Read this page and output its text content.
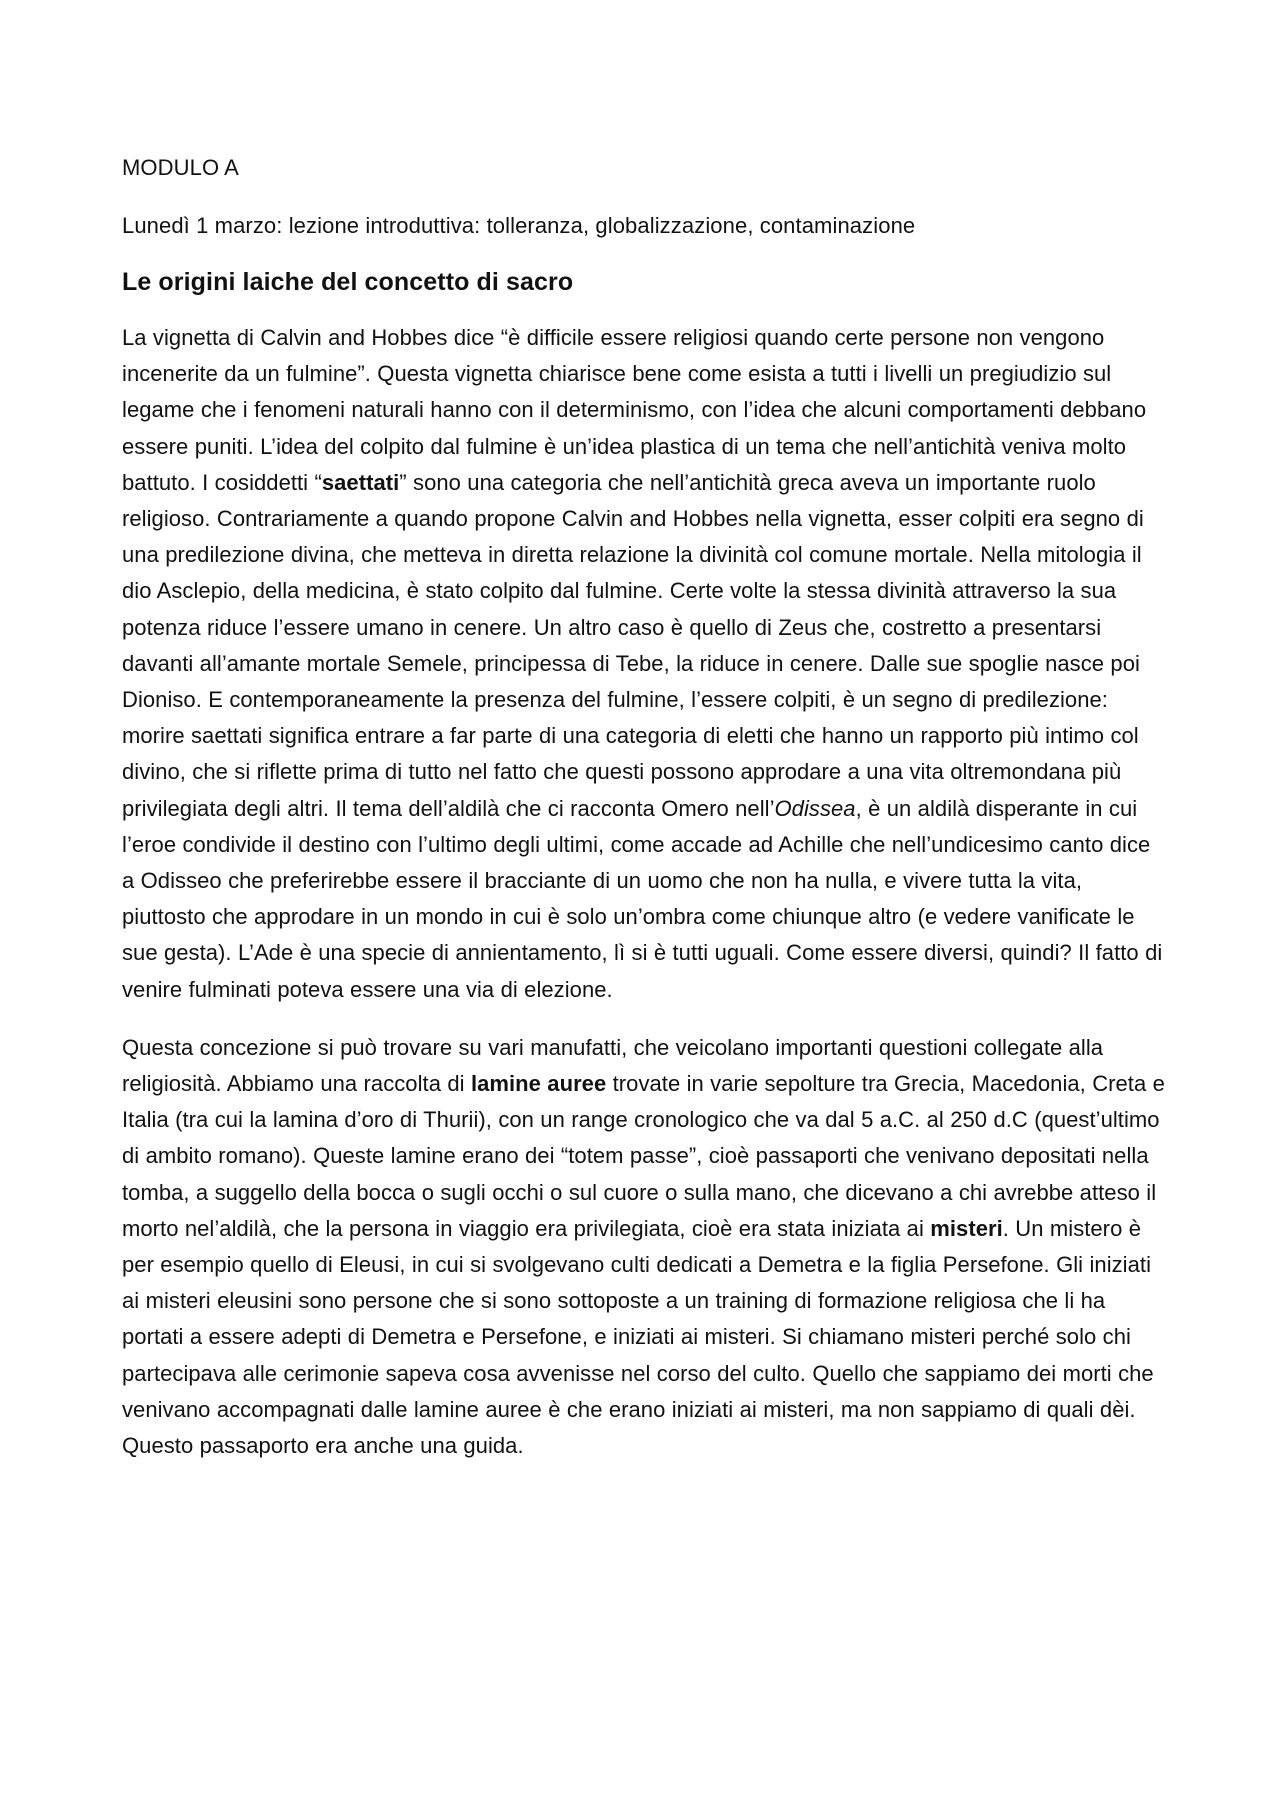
MODULO A

Lunedì 1 marzo: lezione introduttiva: tolleranza, globalizzazione, contaminazione

Le origini laiche del concetto di sacro

La vignetta di Calvin and Hobbes dice “è difficile essere religiosi quando certe persone non vengono incenerite da un fulmine”. Questa vignetta chiarisce bene come esista a tutti i livelli un pregiudizio sul legame che i fenomeni naturali hanno con il determinismo, con l’idea che alcuni comportamenti debbano essere puniti. L’idea del colpito dal fulmine è un’idea plastica di un tema che nell’antichità veniva molto battuto. I cosiddetti “saettati” sono una categoria che nell’antichità greca aveva un importante ruolo religioso. Contrariamente a quando propone Calvin and Hobbes nella vignetta, esser colpiti era segno di una predilezione divina, che metteva in diretta relazione la divinità col comune mortale. Nella mitologia il dio Asclepio, della medicina, è stato colpito dal fulmine. Certe volte la stessa divinità attraverso la sua potenza riduce l’essere umano in cenere. Un altro caso è quello di Zeus che, costretto a presentarsi davanti all’amante mortale Semele, principessa di Tebe, la riduce in cenere. Dalle sue spoglie nasce poi Dioniso. E contemporaneamente la presenza del fulmine, l’essere colpiti, è un segno di predilezione: morire saettati significa entrare a far parte di una categoria di eletti che hanno un rapporto più intimo col divino, che si riflette prima di tutto nel fatto che questi possono approdare a una vita oltremondana più privilegiata degli altri. Il tema dell’aldilà che ci racconta Omero nell’Odissea, è un aldilà disperante in cui l’eroe condivide il destino con l’ultimo degli ultimi, come accade ad Achille che nell’undicesimo canto dice a Odisseo che preferirebbe essere il bracciante di un uomo che non ha nulla, e vivere tutta la vita, piuttosto che approdare in un mondo in cui è solo un’ombra come chiunque altro (e vedere vanificate le sue gesta). L’Ade è una specie di annientamento, lì si è tutti uguali. Come essere diversi, quindi? Il fatto di venire fulminati poteva essere una via di elezione.

Questa concezione si può trovare su vari manufatti, che veicolano importanti questioni collegate alla religiosità. Abbiamo una raccolta di lamine auree trovate in varie sepolture tra Grecia, Macedonia, Creta e Italia (tra cui la lamina d’oro di Thurii), con un range cronologico che va dal 5 a.C. al 250 d.C (quest’ultimo di ambito romano). Queste lamine erano dei “totem passe”, cioè passaporti che venivano depositati nella tomba, a suggello della bocca o sugli occhi o sul cuore o sulla mano, che dicevano a chi avrebbe atteso il morto nel’aldilà, che la persona in viaggio era privilegiata, cioè era stata iniziata ai misteri. Un mistero è per esempio quello di Eleusi, in cui si svolgevano culti dedicati a Demetra e la figlia Persefone. Gli iniziati ai misteri eleusini sono persone che si sono sottoposte a un training di formazione religiosa che li ha portati a essere adepti di Demetra e Persefone, e iniziati ai misteri. Si chiamano misteri perché solo chi partecipava alle cerimonie sapeva cosa avvenisse nel corso del culto. Quello che sappiamo dei morti che venivano accompagnati dalle lamine auree è che erano iniziati ai misteri, ma non sappiamo di quali dèi. Questo passaporto era anche una guida.
